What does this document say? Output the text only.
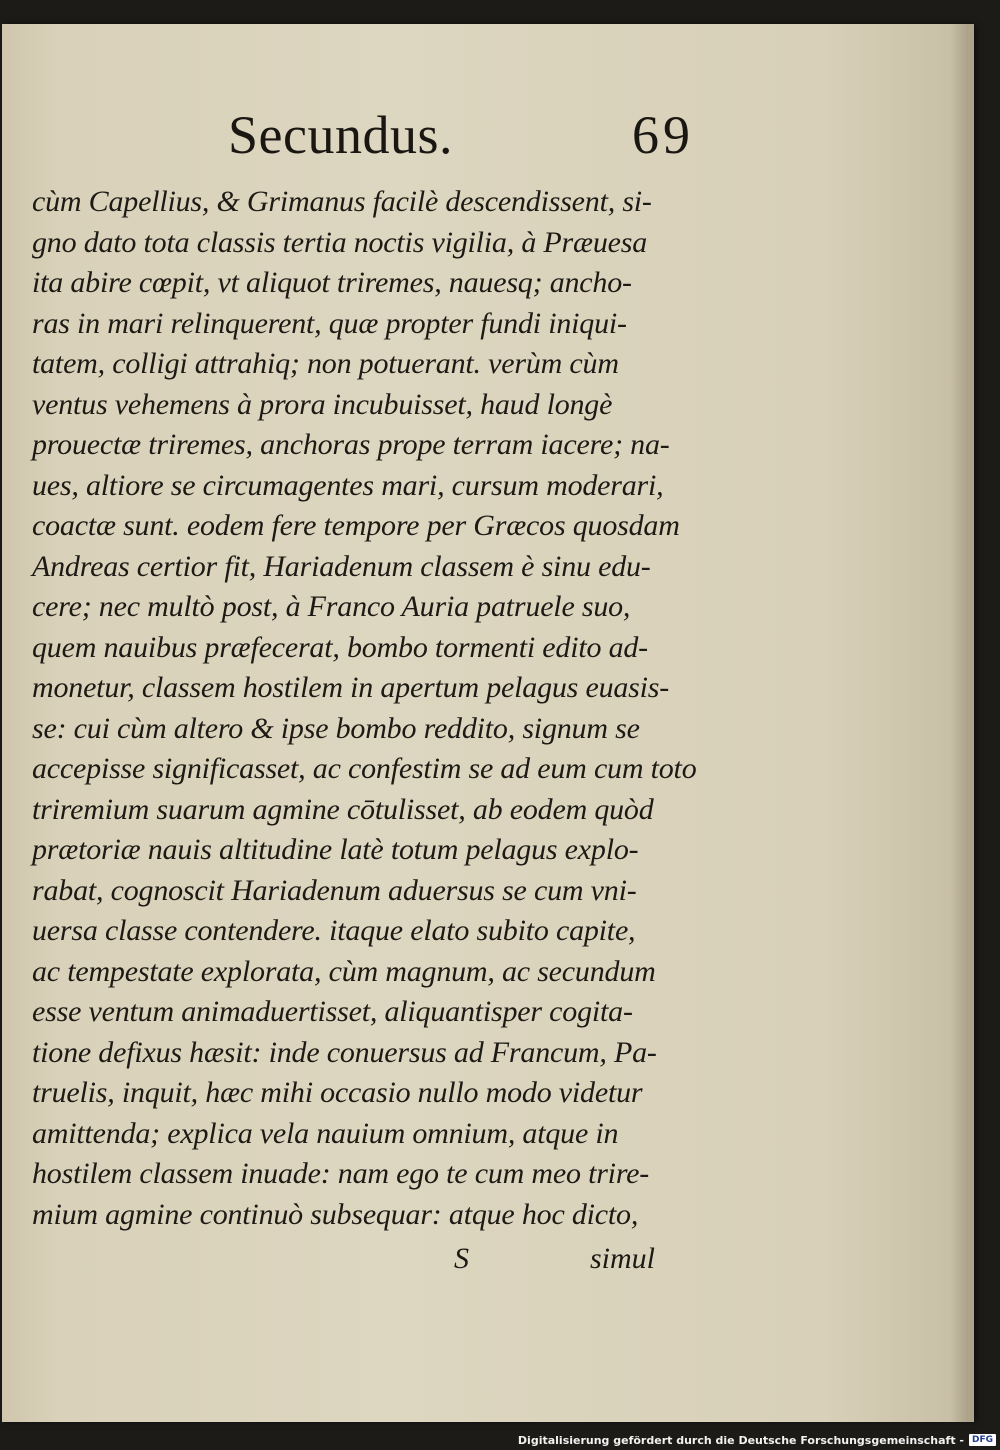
Secundus.	69
cùm Capellius, & Grimanus facilè descendissent, si-
gno dato tota classis tertia noctis vigilia, à Præuesa
ita abire cœpit, vt aliquot triremes, nauesq; ancho-
ras in mari relinquerent, quæ propter fundi iniqui-
tatem, colligi attrahiq; non potuerant. verùm cùm
ventus vehemens à prora incubuisset, haud longè
prouectæ triremes, anchoras prope terram iacere; na-
ues, altiore se circumagentes mari, cursum moderari,
coactæ sunt. eodem fere tempore per Græcos quosdam
Andreas certior fit, Hariadenum classem è sinu edu-
cere; nec multò post, à Franco Auria patruele suo,
quem nauibus præfecerat, bombo tormenti edito ad-
monetur, classem hostilem in apertum pelagus euasis-
se: cui cùm altero & ipse bombo reddito, signum se
accepisse significasset, ac confestim se ad eum cum toto
triremium suarum agmine cōtulisset, ab eodem quòd
prætoriæ nauis altitudine latè totum pelagus explo-
rabat, cognoscit Hariadenum aduersus se cum vni-
uersa classe contendere. itaque elato subito capite,
ac tempestate explorata, cùm magnum, ac secundum
esse ventum animaduertisset, aliquantisper cogita-
tione defixus hæsit: inde conuersus ad Francum, Pa-
truelis, inquit, hæc mihi occasio nullo modo videtur
amittenda; explica vela nauium omnium, atque in
hostilem classem inuade: nam ego te cum meo trire-
mium agmine continuò subsequar: atque hoc dicto,
S	simul
Digitalisierung gefördert durch die Deutsche Forschungsgemeinschaft - DFG
